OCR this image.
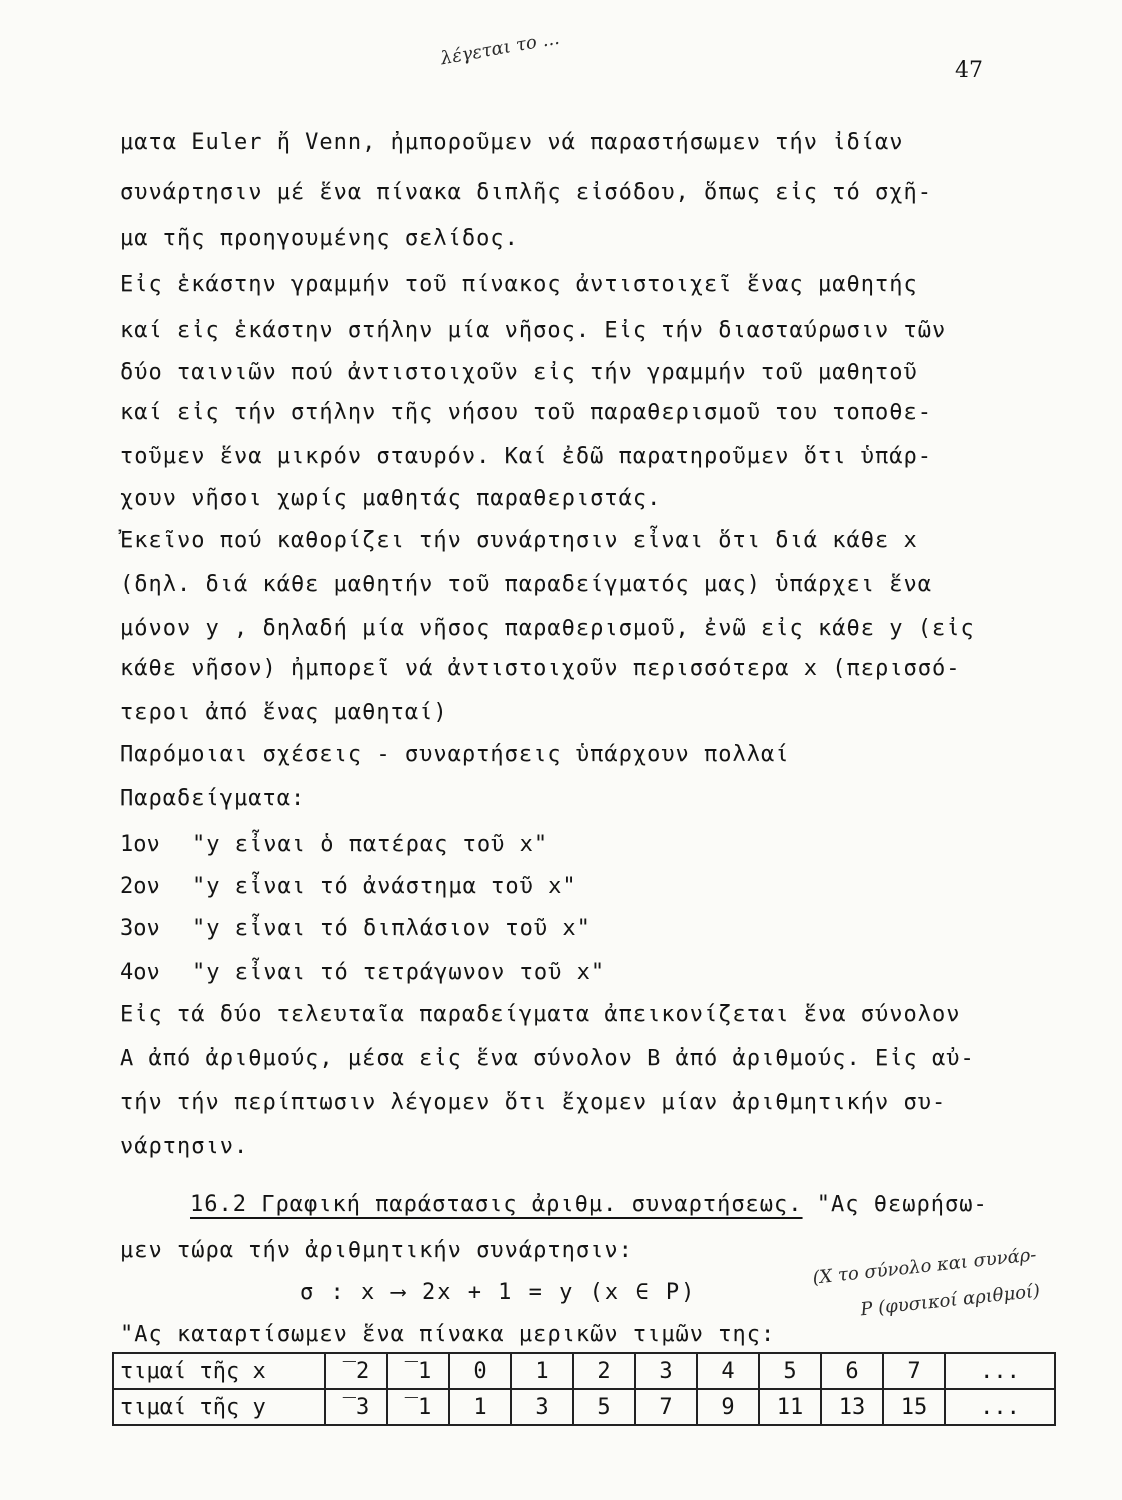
47
λέγεται το ...
ματα Euler ἤ Venn, ἠμποροῦμεν νά παραστήσωμεν τήν ἰδίαν
συνάρτησιν μέ ἕνα πίνακα διπλῆς εἰσόδου, ὅπως εἰς τό σχῆ-
μα τῆς προηγουμένης σελίδος.
Εἰς ἑκάστην γραμμήν τοῦ πίνακος ἀντιστοιχεῖ ἕνας μαθητής
καί εἰς ἑκάστην στήλην μία νῆσος. Εἰς τήν διασταύρωσιν τῶν
δύο ταινιῶν πού ἀντιστοιχοῦν εἰς τήν γραμμήν τοῦ μαθητοῦ
καί εἰς τήν στήλην τῆς νήσου τοῦ παραθερισμοῦ του τοποθε-
τοῦμεν ἕνα μικρόν σταυρόν. Καί ἐδῶ παρατηροῦμεν ὅτι ὑπάρ-
χουν νῆσοι χωρίς μαθητάς παραθεριστάς.
Ἐκεῖνο πού καθορίζει τήν συνάρτησιν εἶναι ὅτι διά κάθε x
(δηλ. διά κάθε μαθητήν τοῦ παραδείγματός μας) ὑπάρχει ἕνα
μόνον y , δηλαδή μία νῆσος παραθερισμοῦ, ἐνῶ εἰς κάθε y (εἰς
κάθε νῆσον) ἠμπορεῖ νά ἀντιστοιχοῦν περισσότερα x (περισσό-
τεροι ἀπό ἕνας μαθηταί)
Παρόμοιαι σχέσεις - συναρτήσεις ὑπάρχουν πολλαί
Παραδείγματα:
1ον "y εἶναι ὁ πατέρας τοῦ x"
2ον "y εἶναι τό ἀνάστημα τοῦ x"
3ον "y εἶναι τό διπλάσιον τοῦ x"
4ον "y εἶναι τό τετράγωνον τοῦ x"
Εἰς τά δύο τελευταῖα παραδείγματα ἀπεικονίζεται ἕνα σύνολον
Α ἀπό ἀριθμούς, μέσα εἰς ἕνα σύνολον Β ἀπό ἀριθμούς. Εἰς αὐ-
τήν τήν περίπτωσιν λέγομεν ὅτι ἔχομεν μίαν ἀριθμητικήν συ-
νάρτησιν.
16.2 Γραφική παράστασις ἀριθμ. συναρτήσεως. "Ας θεωρήσω-
μεν τώρα τήν ἀριθμητικήν συνάρτησιν:
σ : x ⟶ 2x + 1 = y (x ∈ P)
(Χ το σύνολο και συνάρ-
P (φυσικοί αριθμοί)
"Ας καταρτίσωμεν ἕνα πίνακα μερικῶν τιμῶν της:
τιμαί τῆς x	‾2	‾1	0	1	2	3	4	5	6	7	...
τιμαί τῆς y	‾3	‾1	1	3	5	7	9	11	13	15	...
